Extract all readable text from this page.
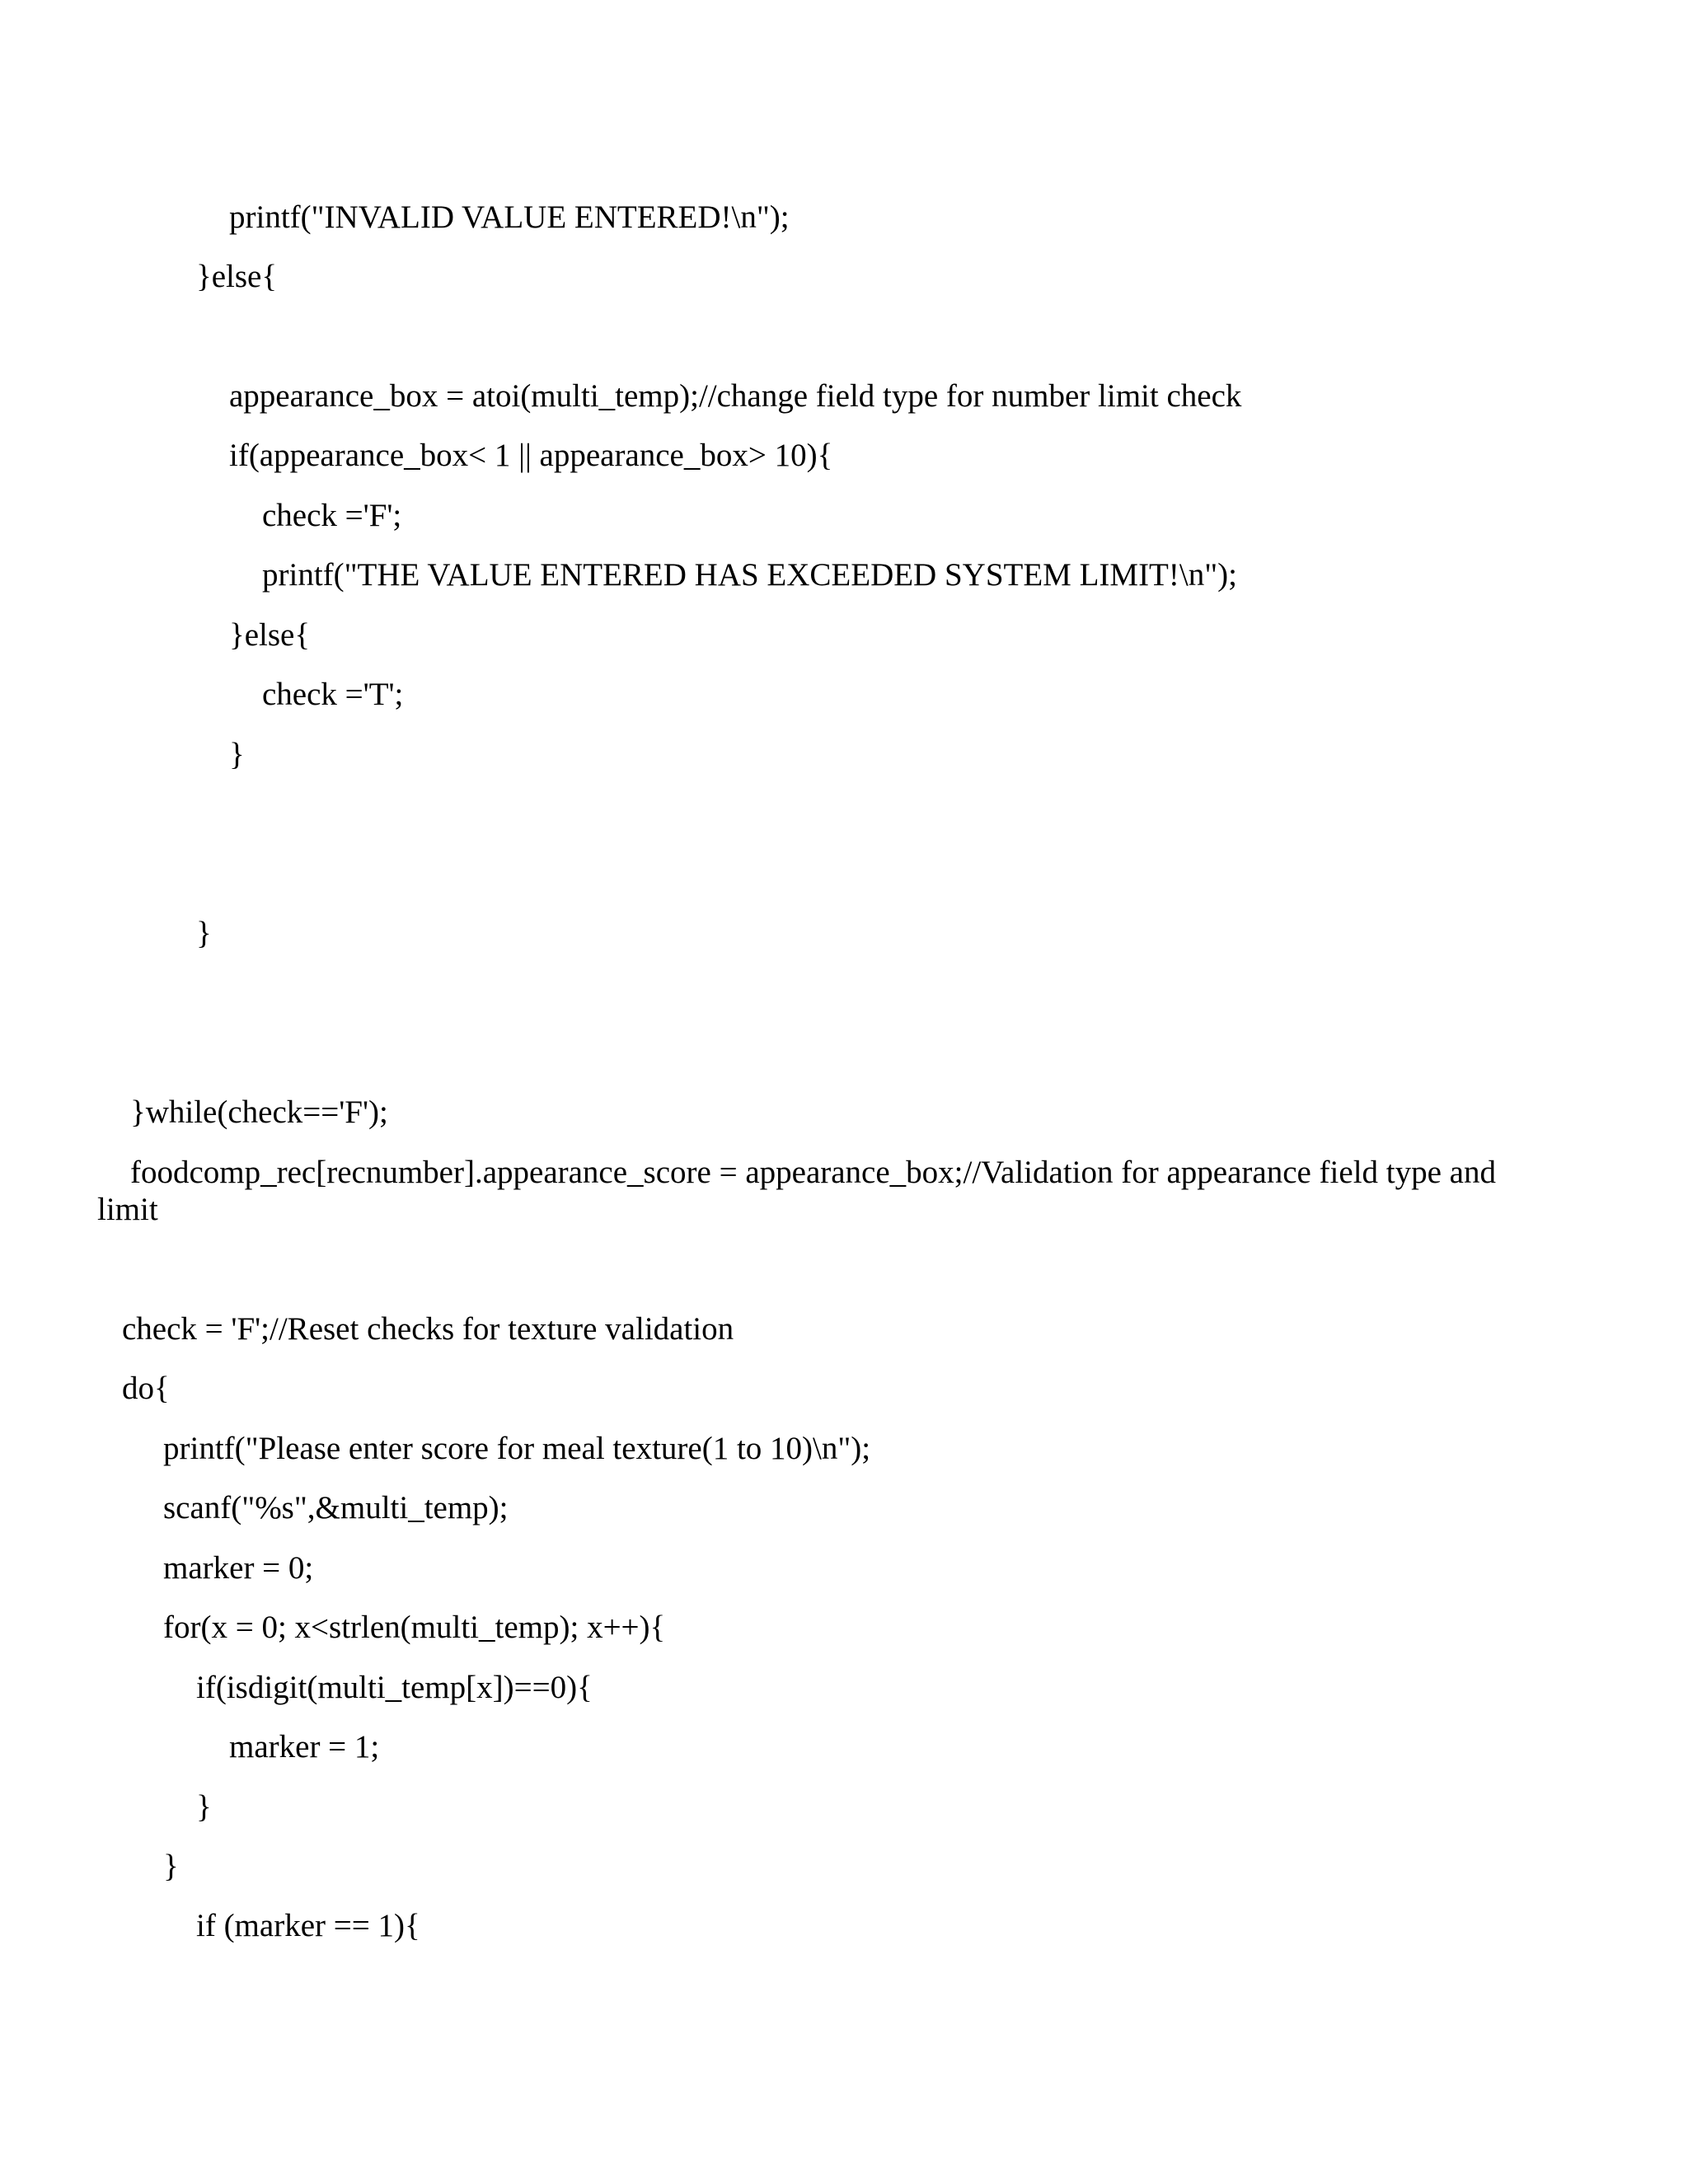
printf("INVALID VALUE ENTERED!\n");

}else{

appearance_box = atoi(multi_temp);//change field type for number limit check

if(appearance_box< 1 || appearance_box> 10){

check ='F';

printf("THE VALUE ENTERED HAS EXCEEDED SYSTEM LIMIT!\n");

}else{

check ='T';

}

}

}while(check=='F');

foodcomp_rec[recnumber].appearance_score = appearance_box;//Validation for appearance field type and

limit

check = 'F';//Reset checks for texture validation

do{

printf("Please enter score for meal texture(1 to 10)\n");

scanf("%s",&multi_temp);

marker = 0;

for(x = 0; x<strlen(multi_temp); x++){

if(isdigit(multi_temp[x])==0){

marker = 1;

}

}

if (marker == 1){
